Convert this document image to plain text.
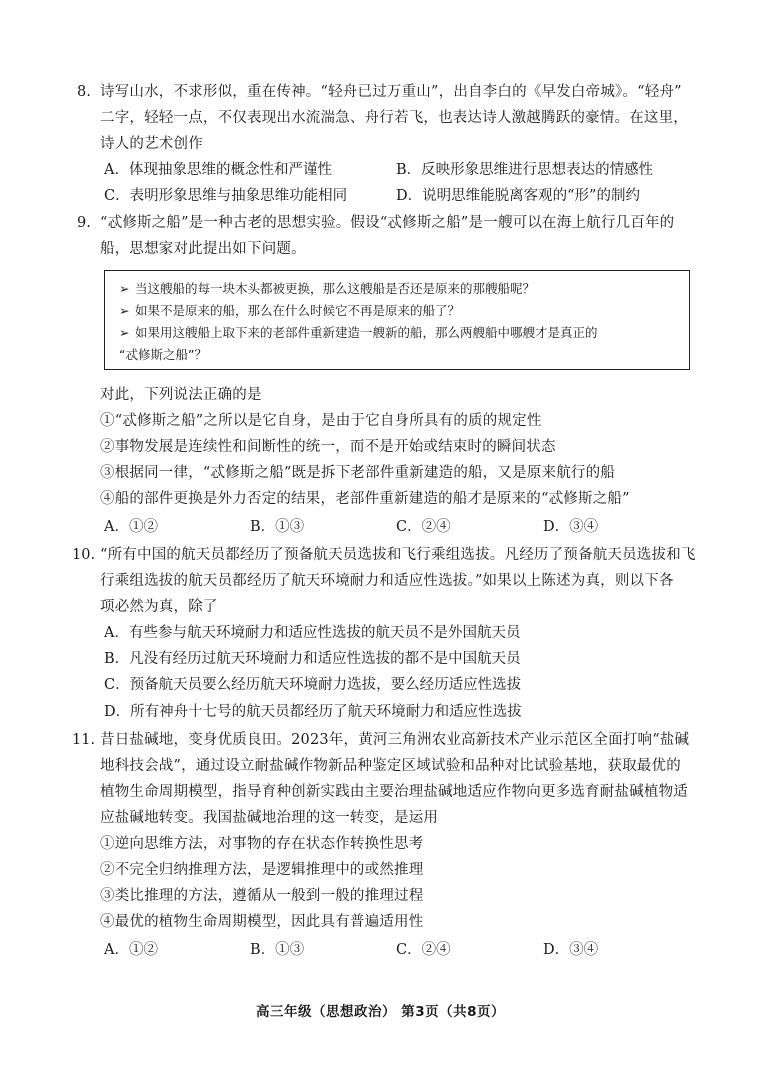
8. 诗写山水，不求形似，重在传神。“轻舟已过万重山”，出自李白的《早发白帝城》。“轻舟”
二字，轻轻一点，不仅表现出水流湍急、舟行若飞，也表达诗人激越腾跃的豪情。在这里，
诗人的艺术创作
A．体现抽象思维的概念性和严谨性	B．反映形象思维进行思想表达的情感性
C．表明形象思维与抽象思维功能相同	D．说明思维能脱离客观的“形”的制约
9. “忒修斯之船”是一种古老的思想实验。假设“忒修斯之船”是一艘可以在海上航行几百年的
船，思想家对此提出如下问题。
➢ 当这艘船的每一块木头都被更换，那么这艘船是否还是原来的那艘船呢？
➢ 如果不是原来的船，那么在什么时候它不再是原来的船了？
➢ 如果用这艘船上取下来的老部件重新建造一艘新的船，那么两艘船中哪艘才是真正的
“忒修斯之船”？
对此，下列说法正确的是
①“忒修斯之船”之所以是它自身，是由于它自身所具有的质的规定性
②事物发展是连续性和间断性的统一，而不是开始或结束时的瞬间状态
③根据同一律，“忒修斯之船”既是拆下老部件重新建造的船，又是原来航行的船
④船的部件更换是外力否定的结果，老部件重新建造的船才是原来的“忒修斯之船”
A．①②	B．①③	C．②④	D．③④
10. “所有中国的航天员都经历了预备航天员选拔和飞行乘组选拔。凡经历了预备航天员选拔和飞
行乘组选拔的航天员都经历了航天环境耐力和适应性选拔。”如果以上陈述为真，则以下各
项必然为真，除了
A．有些参与航天环境耐力和适应性选拔的航天员不是外国航天员
B．凡没有经历过航天环境耐力和适应性选拔的都不是中国航天员
C．预备航天员要么经历航天环境耐力选拔，要么经历适应性选拔
D．所有神舟十七号的航天员都经历了航天环境耐力和适应性选拔
11. 昔日盐碱地，变身优质良田。2023年，黄河三角洲农业高新技术产业示范区全面打响“盐碱
地科技会战”，通过设立耐盐碱作物新品种鉴定区域试验和品种对比试验基地，获取最优的
植物生命周期模型，指导育种创新实践由主要治理盐碱地适应作物向更多选育耐盐碱植物适
应盐碱地转变。我国盐碱地治理的这一转变，是运用
①逆向思维方法，对事物的存在状态作转换性思考
②不完全归纳推理方法，是逻辑推理中的或然推理
③类比推理的方法，遵循从一般到一般的推理过程
④最优的植物生命周期模型，因此具有普遍适用性
A．①②	B．①③	C．②④	D．③④
高三年级（思想政治） 第3页（共8页）
